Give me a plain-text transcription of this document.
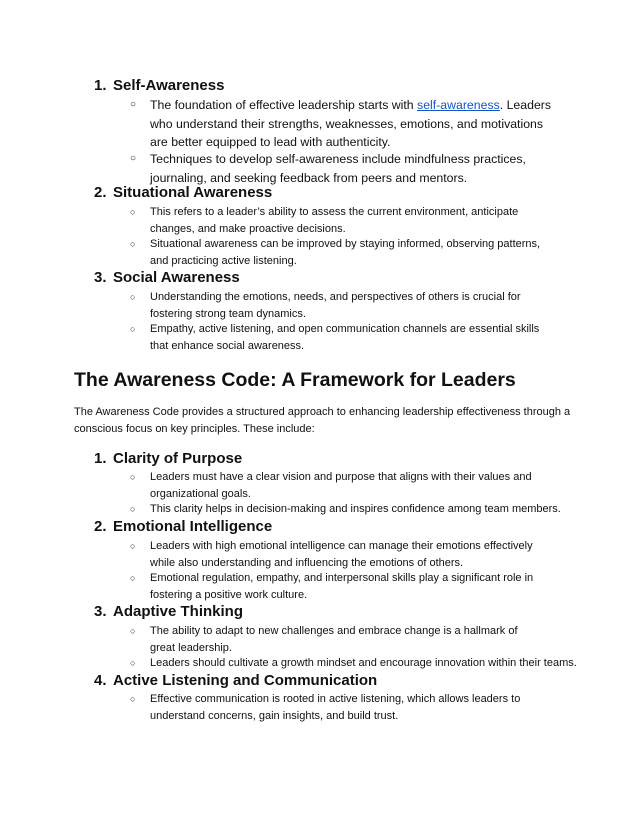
1. Self-Awareness
○ The foundation of effective leadership starts with self-awareness. Leaders who understand their strengths, weaknesses, emotions, and motivations are better equipped to lead with authenticity.
○ Techniques to develop self-awareness include mindfulness practices, journaling, and seeking feedback from peers and mentors.
2. Situational Awareness
○ This refers to a leader’s ability to assess the current environment, anticipate changes, and make proactive decisions.
○ Situational awareness can be improved by staying informed, observing patterns, and practicing active listening.
3. Social Awareness
○ Understanding the emotions, needs, and perspectives of others is crucial for fostering strong team dynamics.
○ Empathy, active listening, and open communication channels are essential skills that enhance social awareness.
The Awareness Code: A Framework for Leaders

The Awareness Code provides a structured approach to enhancing leadership effectiveness through a conscious focus on key principles. These include:

1. Clarity of Purpose
○ Leaders must have a clear vision and purpose that aligns with their values and organizational goals.
○ This clarity helps in decision-making and inspires confidence among team members.
2. Emotional Intelligence
○ Leaders with high emotional intelligence can manage their emotions effectively while also understanding and influencing the emotions of others.
○ Emotional regulation, empathy, and interpersonal skills play a significant role in fostering a positive work culture.
3. Adaptive Thinking
○ The ability to adapt to new challenges and embrace change is a hallmark of great leadership.
○ Leaders should cultivate a growth mindset and encourage innovation within their teams.
4. Active Listening and Communication
○ Effective communication is rooted in active listening, which allows leaders to understand concerns, gain insights, and build trust.
